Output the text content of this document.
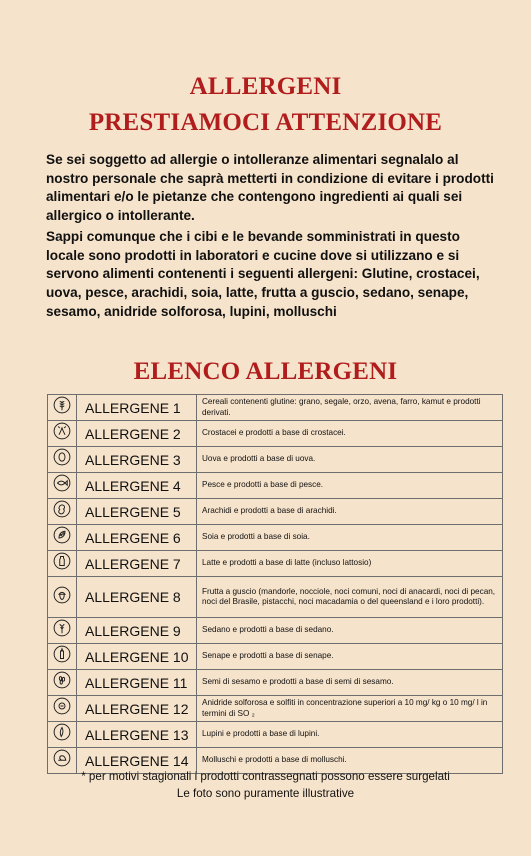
ALLERGENI
PRESTIAMOCI ATTENZIONE
Se sei soggetto ad allergie o intolleranze alimentari segnalalo al nostro personale che saprà metterti in condizione di evitare i prodotti alimentari e/o le pietanze che contengono ingredienti ai quali sei allergico o intollerante.
Sappi comunque che i cibi e le bevande somministrati in questo locale sono prodotti in laboratori e cucine dove si utilizzano e si servono alimenti contenenti i seguenti allergeni: Glutine, crostacei, uova, pesce, arachidi, soia, latte, frutta a guscio, sedano, senape, sesamo, anidride solforosa, lupini, molluschi
ELENCO ALLERGENI
ALLERGENE 1	Cereali contenenti glutine: grano, segale, orzo, avena, farro, kamut e prodotti derivati.
ALLERGENE 2	Crostacei e prodotti a base di crostacei.
ALLERGENE 3	Uova e prodotti a base di uova.
ALLERGENE 4	Pesce e prodotti a base di pesce.
ALLERGENE 5	Arachidi e prodotti a base di arachidi.
ALLERGENE 6	Soia e prodotti a base di soia.
ALLERGENE 7	Latte e prodotti a base di latte (incluso lattosio)
ALLERGENE 8	Frutta a guscio (mandorle, nocciole, noci comuni, noci di anacardi, noci di pecan, noci del Brasile, pistacchi, noci macadamia o del queensland e i loro prodotti).
ALLERGENE 9	Sedano e prodotti a base di sedano.
ALLERGENE 10	Senape e prodotti a base di senape.
ALLERGENE 11	Semi di sesamo e prodotti a base di semi di sesamo.
ALLERGENE 12	Anidride solforosa e solfiti in concentrazione superiori a 10 mg/ kg o 10 mg/ l in termini di SO ₂
ALLERGENE 13	Lupini e prodotti a base di lupini.
ALLERGENE 14	Molluschi e prodotti a base di molluschi.
* per motivi stagionali i prodotti contrassegnati possono essere surgelati
Le foto sono puramente illustrative
